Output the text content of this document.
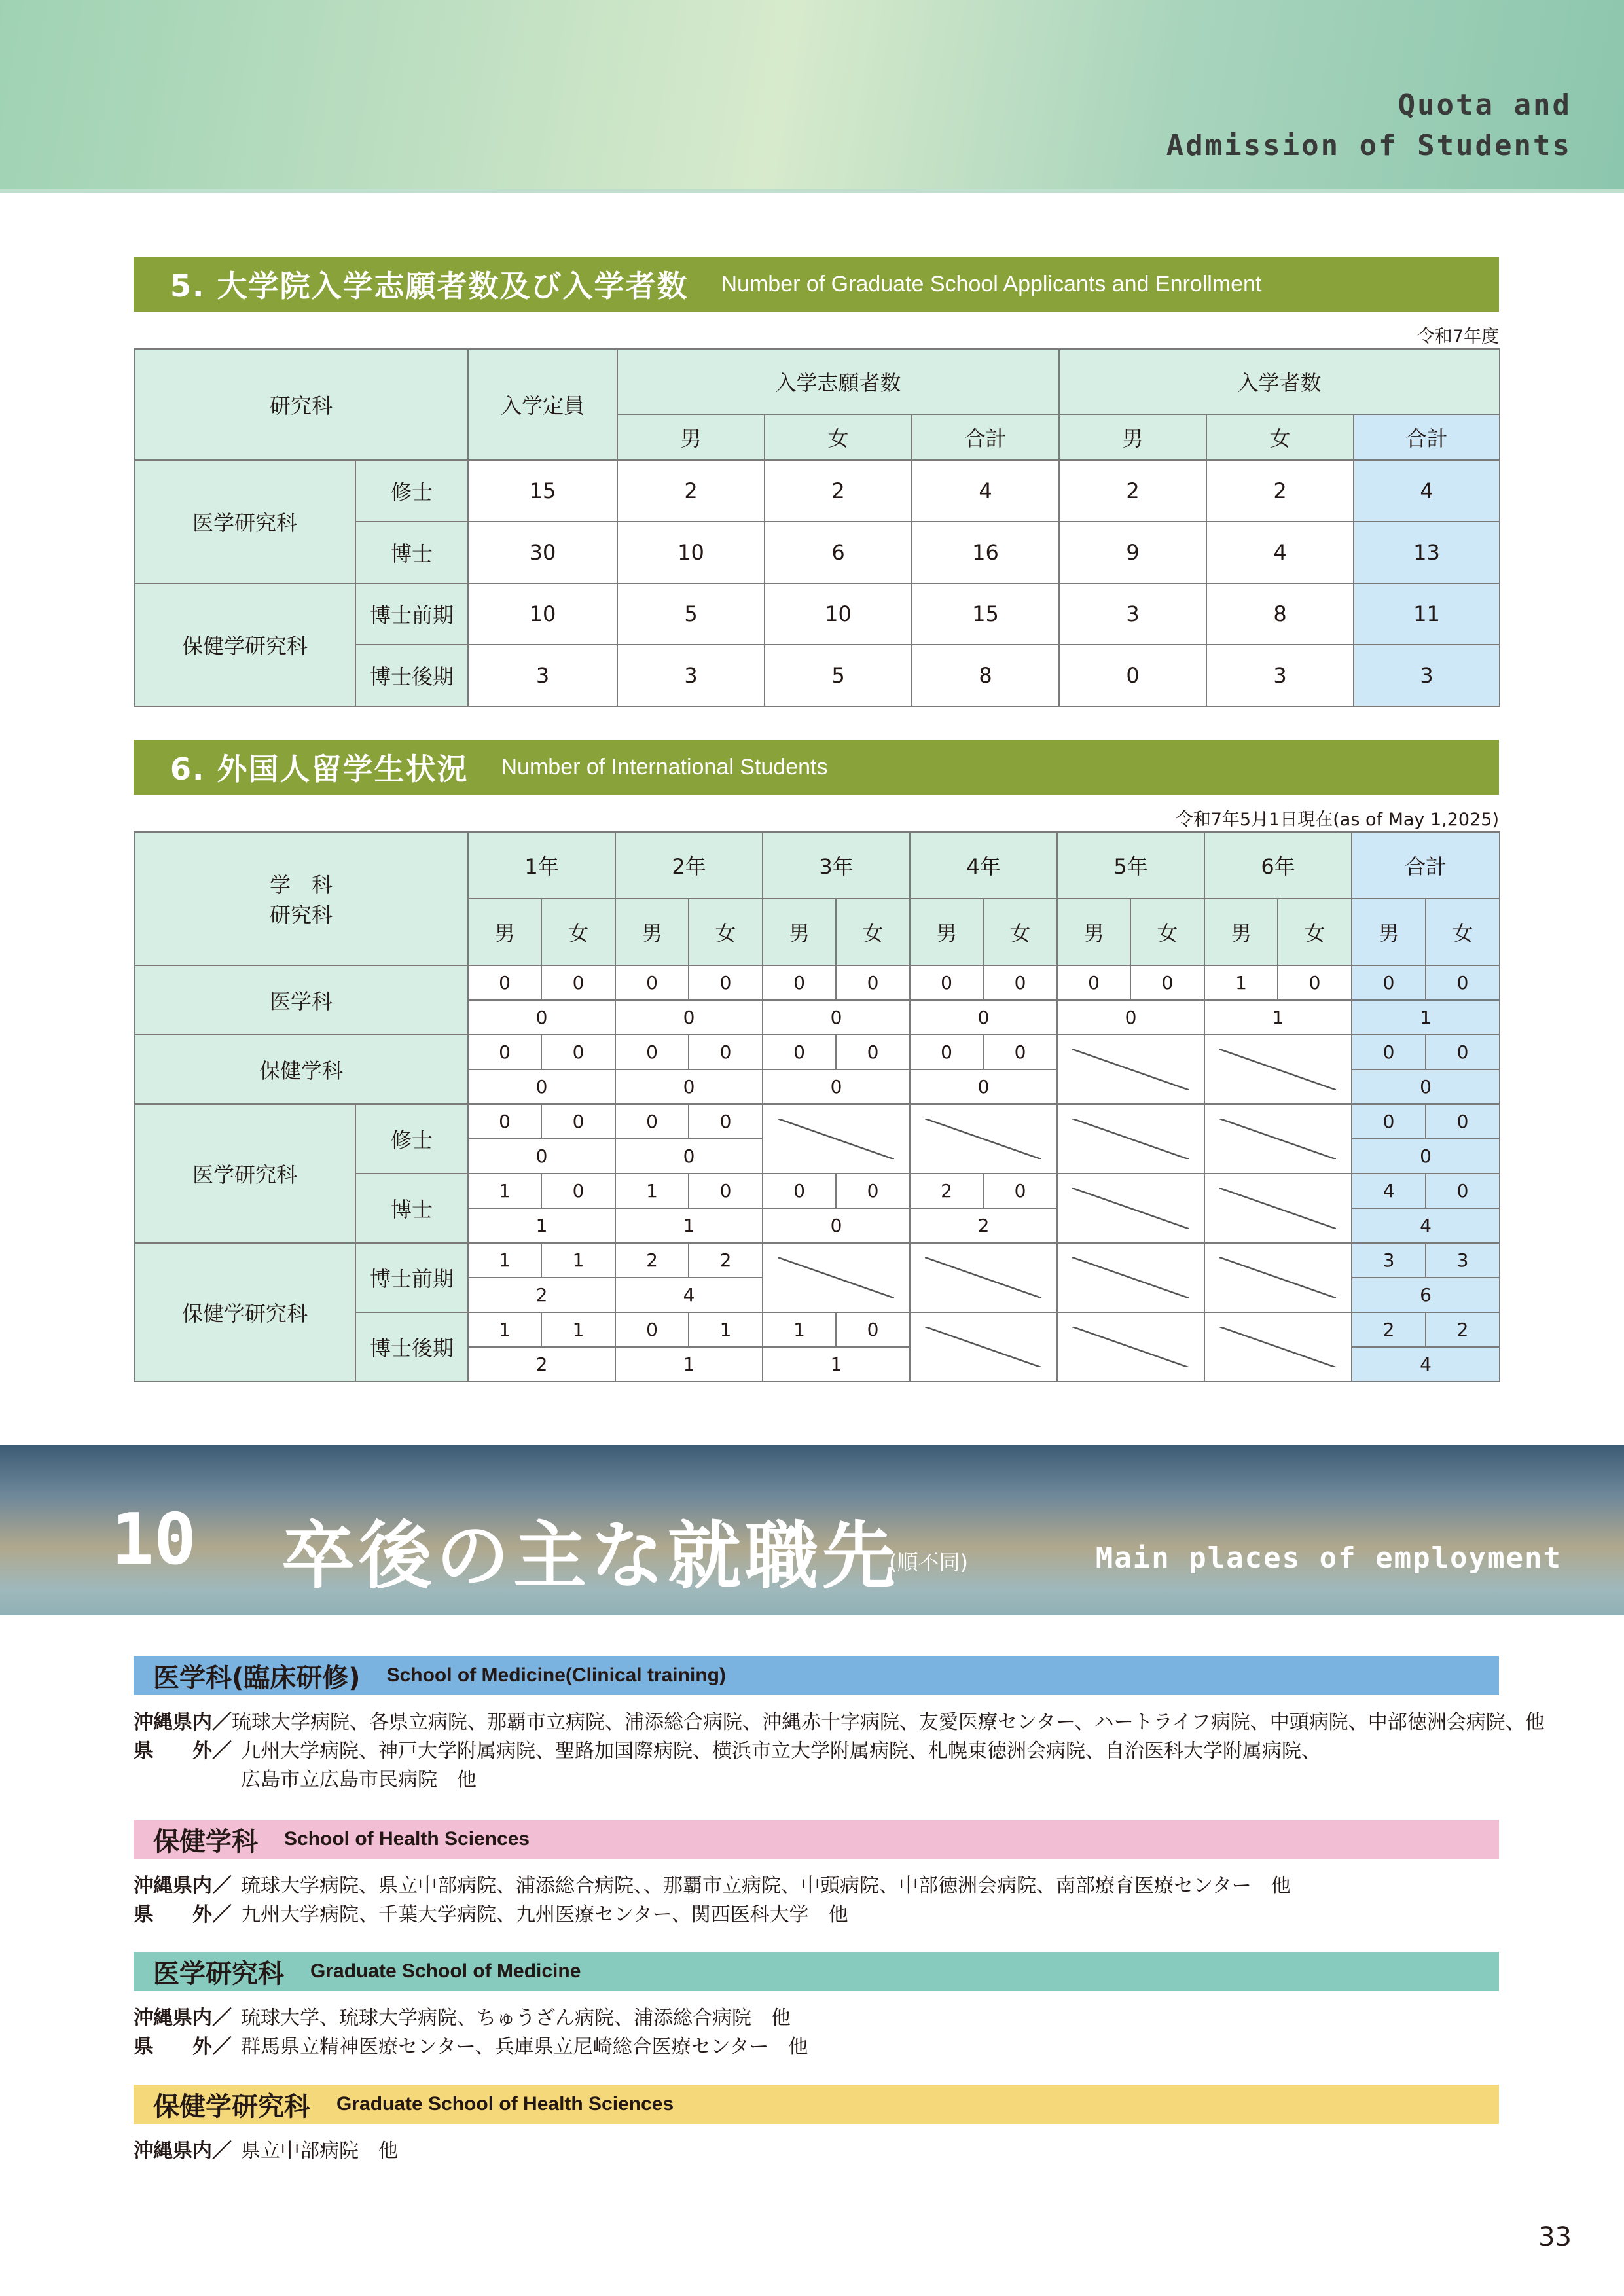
Quota and
Admission of Students
5. 大学院入学志願者数及び入学者数 Number of Graduate School Applicants and Enrollment
令和7年度
研究科		入学定員	入学志願者数			入学者数		
			男	女	合計	男	女	合計
医学研究科	修士	15	2	2	4	2	2	4
	博士	30	10	6	16	9	4	13
保健学研究科	博士前期	10	5	10	15	3	8	11
	博士後期	3	3	5	8	0	3	3
6. 外国人留学生状況 Number of International Students
令和7年5月1日現在(as of May 1,2025)
学　科
研究科		1年		2年		3年		4年		5年		6年		合計	
		男	女	男	女	男	女	男	女	男	女	男	女	男	女
医学科		0	0	0	0	0	0	0	0	0	0	1	0	0	0
		0		0		0		0		0		1		1	
保健学科		0	0	0	0	0	0	0	0					0	0
		0		0		0		0						0	
医学研究科	修士	0	0	0	0									0	0
		0		0										0	
	博士	1	0	1	0	0	0	2	0					4	0
		1		1		0		2						4	
保健学研究科	博士前期	1	1	2	2									3	3
		2		4										6	
	博士後期	1	1	0	1	1	0							2	2
		2		1		1								4	
10 卒後の主な就職先
(順不同)	Main places of employment
医学科(臨床研修) School of Medicine(Clinical training)
沖縄県内／ 琉球大学病院、各県立病院、那覇市立病院、浦添総合病院、沖縄赤十字病院、友愛医療センター、ハートライフ病院、中頭病院、中部徳洲会病院、他
県　　外／ 九州大学病院、神戸大学附属病院、聖路加国際病院、横浜市立大学附属病院、札幌東徳洲会病院、自治医科大学附属病院、
広島市立広島市民病院　他
保健学科 School of Health Sciences
沖縄県内／ 琉球大学病院、県立中部病院、浦添総合病院、、那覇市立病院、中頭病院、中部徳洲会病院、南部療育医療センター　他
県　　外／ 九州大学病院、千葉大学病院、九州医療センター、関西医科大学　他
医学研究科 Graduate School of Medicine
沖縄県内／ 琉球大学、琉球大学病院、ちゅうざん病院、浦添総合病院　他
県　　外／ 群馬県立精神医療センター、兵庫県立尼崎総合医療センター　他
保健学研究科 Graduate School of Health Sciences
沖縄県内／ 県立中部病院　他
33
